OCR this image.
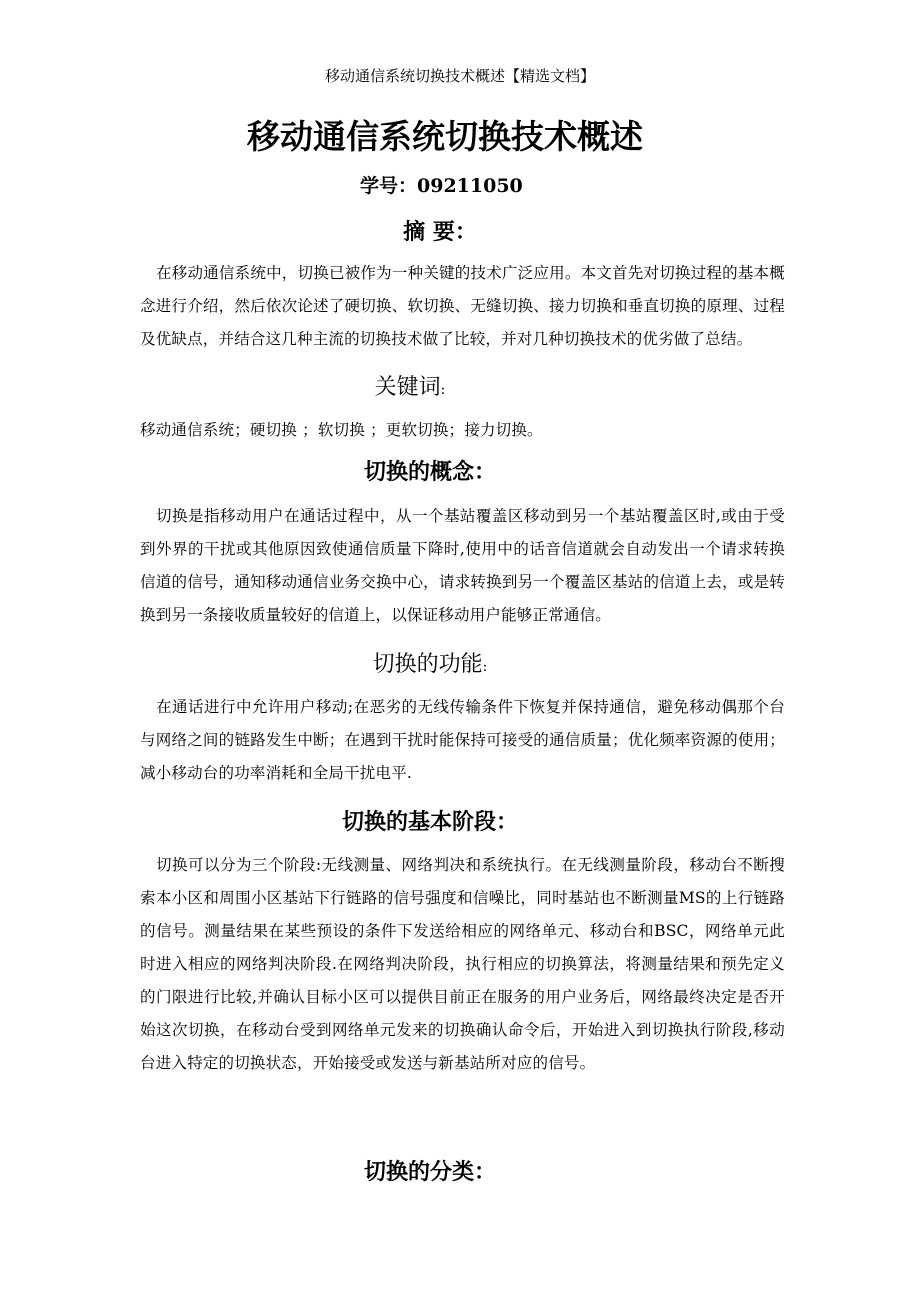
移动通信系统切换技术概述【精选文档】
移动通信系统切换技术概述
学号：09211050
摘 要：
在移动通信系统中，切换已被作为一种关键的技术广泛应用。本文首先对切换过程的基本概念进行介绍，然后依次论述了硬切换、软切换、无缝切换、接力切换和垂直切换的原理、过程及优缺点，并结合这几种主流的切换技术做了比较，并对几种切换技术的优劣做了总结。
关键词:
移动通信系统；硬切换 ；软切换 ；更软切换；接力切换。
切换的概念：
切换是指移动用户在通话过程中，从一个基站覆盖区移动到另一个基站覆盖区时,或由于受到外界的干扰或其他原因致使通信质量下降时,使用中的话音信道就会自动发出一个请求转换信道的信号，通知移动通信业务交换中心，请求转换到另一个覆盖区基站的信道上去，或是转换到另一条接收质量较好的信道上，以保证移动用户能够正常通信。
切换的功能:
在通话进行中允许用户移动;在恶劣的无线传输条件下恢复并保持通信，避免移动偶那个台与网络之间的链路发生中断；在遇到干扰时能保持可接受的通信质量；优化频率资源的使用；减小移动台的功率消耗和全局干扰电平.
切换的基本阶段：
切换可以分为三个阶段:无线测量、网络判决和系统执行。在无线测量阶段，移动台不断搜索本小区和周围小区基站下行链路的信号强度和信噪比，同时基站也不断测量MS的上行链路的信号。测量结果在某些预设的条件下发送给相应的网络单元、移动台和BSC，网络单元此时进入相应的网络判决阶段.在网络判决阶段，执行相应的切换算法，将测量结果和预先定义的门限进行比较,并确认目标小区可以提供目前正在服务的用户业务后，网络最终决定是否开始这次切换，在移动台受到网络单元发来的切换确认命令后，开始进入到切换执行阶段,移动台进入特定的切换状态，开始接受或发送与新基站所对应的信号。
切换的分类：
